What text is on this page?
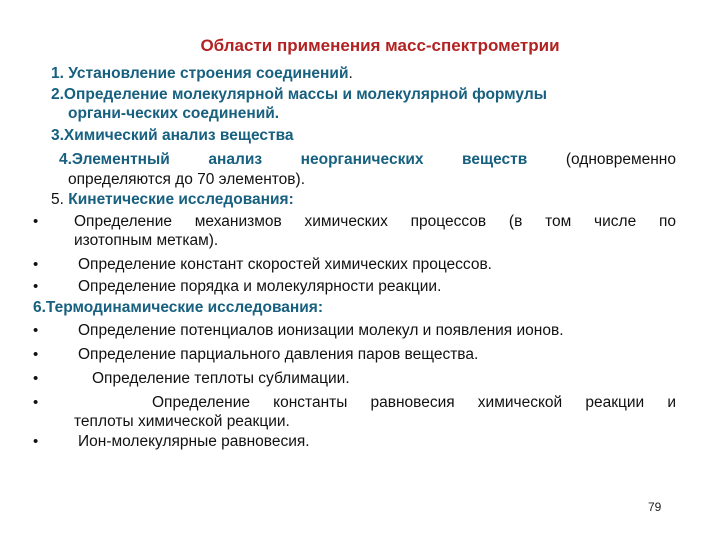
Области применения масс-спектрометрии
1. Установление строения соединений.
2.Определение молекулярной массы и молекулярной формулы
органи-ческих соединений.
3.Химический анализ вещества
4.Элементный анализ неорганических веществ (одновременно
определяются до 70 элементов).
5. Кинетические исследования:
• Определение механизмов химических процессов (в том числе по
изотопным меткам).
•	Определение констант скоростей химических процессов.
•	Определение порядка и молекулярности реакции.
6.Термодинамические исследования:
•	Определение потенциалов ионизации молекул и появления ионов.
•	Определение парциального давления паров вещества.
•	Определение теплоты сублимации.
•	Определение константы равновесия химической реакции и
теплоты химической реакции.
•	Ион-молекулярные равновесия.
79
